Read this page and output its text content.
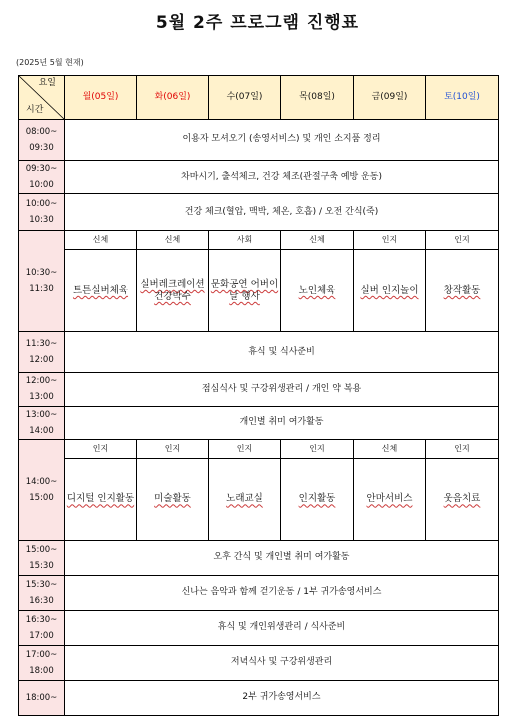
5월 2주 프로그램 진행표
(2025년 5월 현재)
요일
시간	월(05일)	화(06일)	수(07일)	목(08일)	금(09일)	토(10일)

08:00~
09:30	이용자 모셔오기 (송영서비스) 및 개인 소지품 정리					

09:30~
10:00	차마시기, 출석체크, 건강 체조(관절구축 예방 운동)					

10:00~
10:30	건강 체크(혈압, 맥박, 체온, 호흡) / 오전 간식(죽)					

10:30~
11:30	신체	신체	사회	신체	인지	인지
	트튼실버체육	실버레크레이션 건강박수	문화공연 어버이날 행사	노인체육	실버 인지놀이	창작활동

11:30~
12:00	휴식 및 식사준비					

12:00~
13:00	점심식사 및 구강위생관리 / 개인 약 복용					

13:00~
14:00	개인별 취미 여가활동					

14:00~
15:00	인지	인지	인지	인지	신체	인지
	디지털 인지활동	미술활동	노래교실	인지활동	안마서비스	웃음치료

15:00~
15:30	오후 간식 및 개인별 취미 여가활동					

15:30~
16:30	신나는 음악과 함께 걷기운동 / 1부 귀가송영서비스					

16:30~
17:00	휴식 및 개인위생관리 / 식사준비					

17:00~
18:00	저녁식사 및 구강위생관리					

18:00~	2부 귀가송영서비스					
